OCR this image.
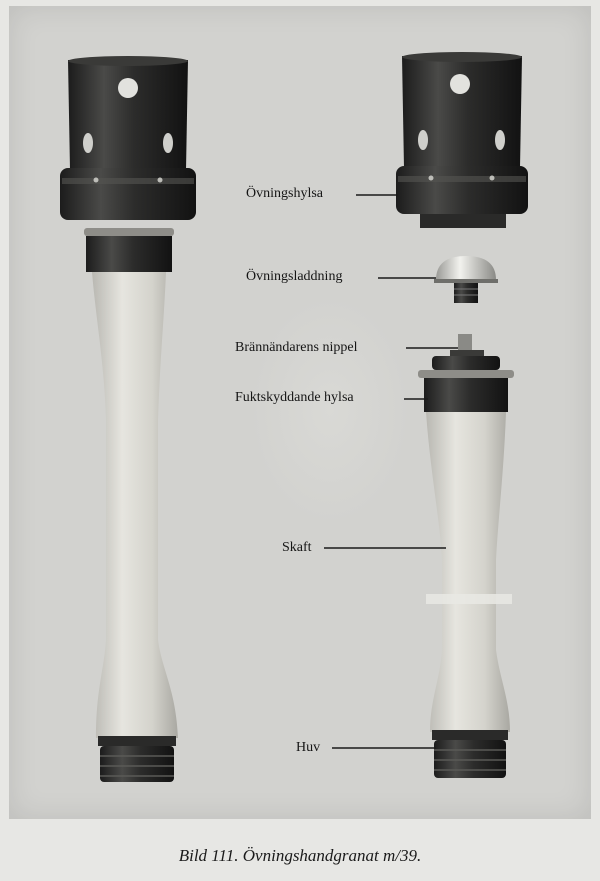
Övningshylsa
Övningsladdning
Brännändarens nippel
Fuktskyddande hylsa
Skaft
Huv
Bild 111. Övningshandgranat m/39.
